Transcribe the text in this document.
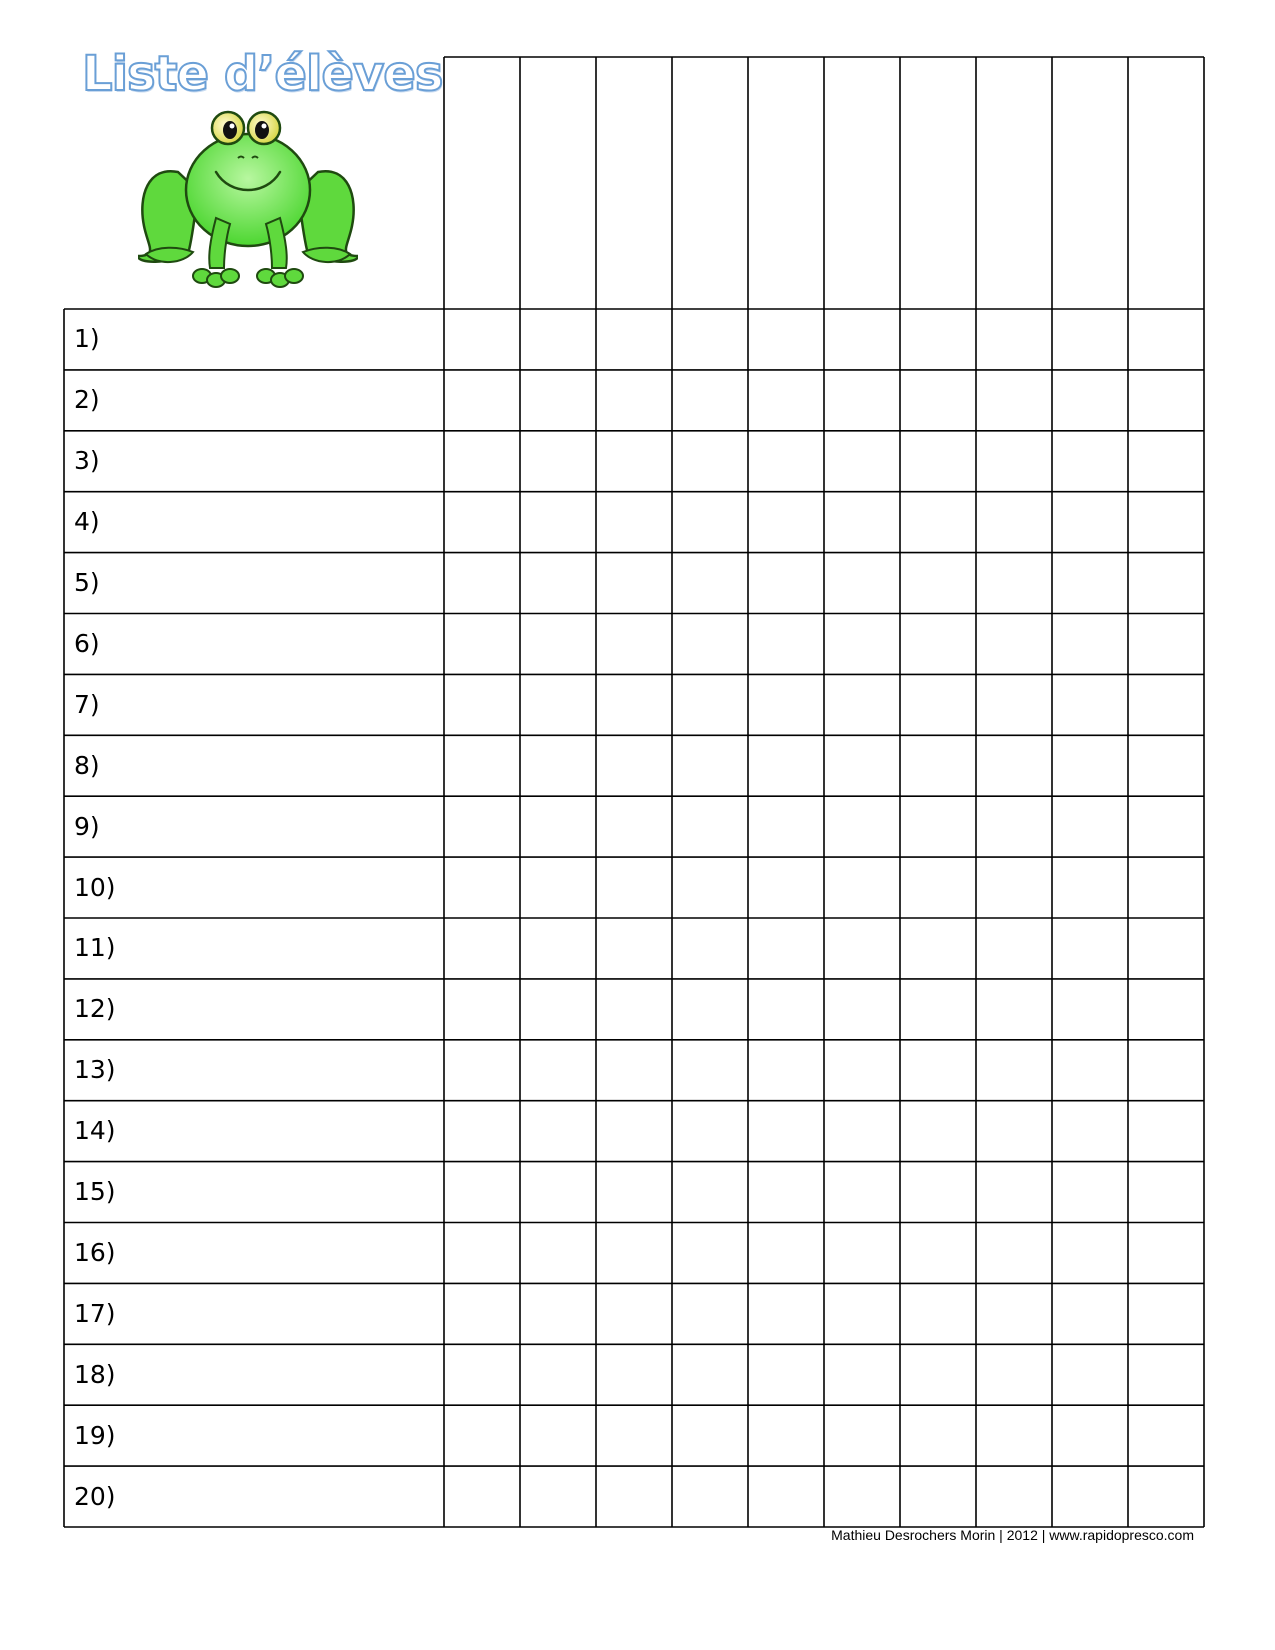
Liste d’élèves
1)
2)
3)
4)
5)
6)
7)
8)
9)
10)
11)
12)
13)
14)
15)
16)
17)
18)
19)
20)
Mathieu Desrochers Morin | 2012 | www.rapidopresco.com
